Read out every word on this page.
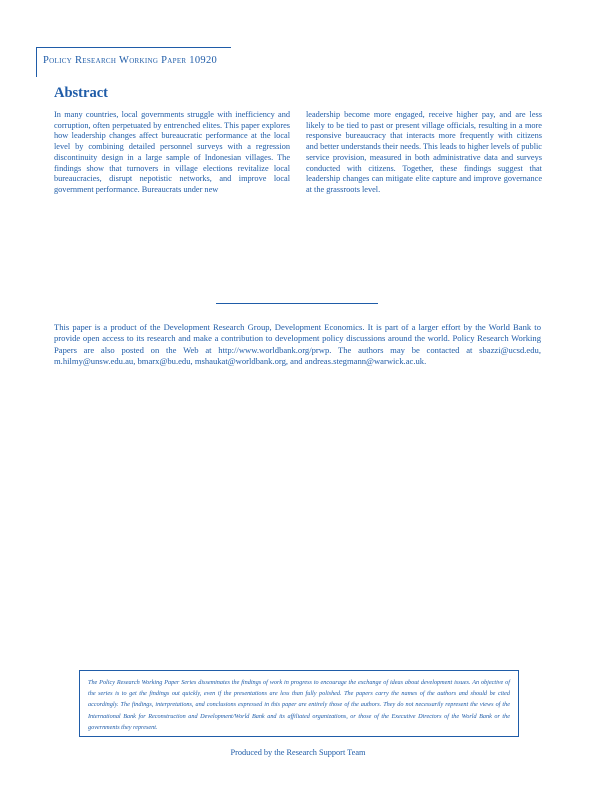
Policy Research Working Paper 10920
Abstract

In many countries, local governments struggle with inefficiency and corruption, often perpetuated by entrenched elites. This paper explores how leadership changes affect bureaucratic performance at the local level by combining detailed personnel surveys with a regression discontinuity design in a large sample of Indonesian villages. The findings show that turnovers in village elections revitalize local bureaucracies, disrupt nepotistic networks, and improve local government performance. Bureaucrats under new

leadership become more engaged, receive higher pay, and are less likely to be tied to past or present village officials, resulting in a more responsive bureaucracy that interacts more frequently with citizens and better understands their needs. This leads to higher levels of public service provision, measured in both administrative data and surveys conducted with citizens. Together, these findings suggest that leadership changes can mitigate elite capture and improve governance at the grassroots level.

This paper is a product of the Development Research Group, Development Economics. It is part of a larger effort by the World Bank to provide open access to its research and make a contribution to development policy discussions around the world. Policy Research Working Papers are also posted on the Web at http://www.worldbank.org/prwp. The authors may be contacted at sbazzi@ucsd.edu, m.hilmy@unsw.edu.au, bmarx@bu.edu, mshaukat@worldbank.org, and andreas.stegmann@warwick.ac.uk.

The Policy Research Working Paper Series disseminates the findings of work in progress to encourage the exchange of ideas about development issues. An objective of the series is to get the findings out quickly, even if the presentations are less than fully polished. The papers carry the names of the authors and should be cited accordingly. The findings, interpretations, and conclusions expressed in this paper are entirely those of the authors. They do not necessarily represent the views of the International Bank for Reconstruction and Development/World Bank and its affiliated organizations, or those of the Executive Directors of the World Bank or the governments they represent.

Produced by the Research Support Team
